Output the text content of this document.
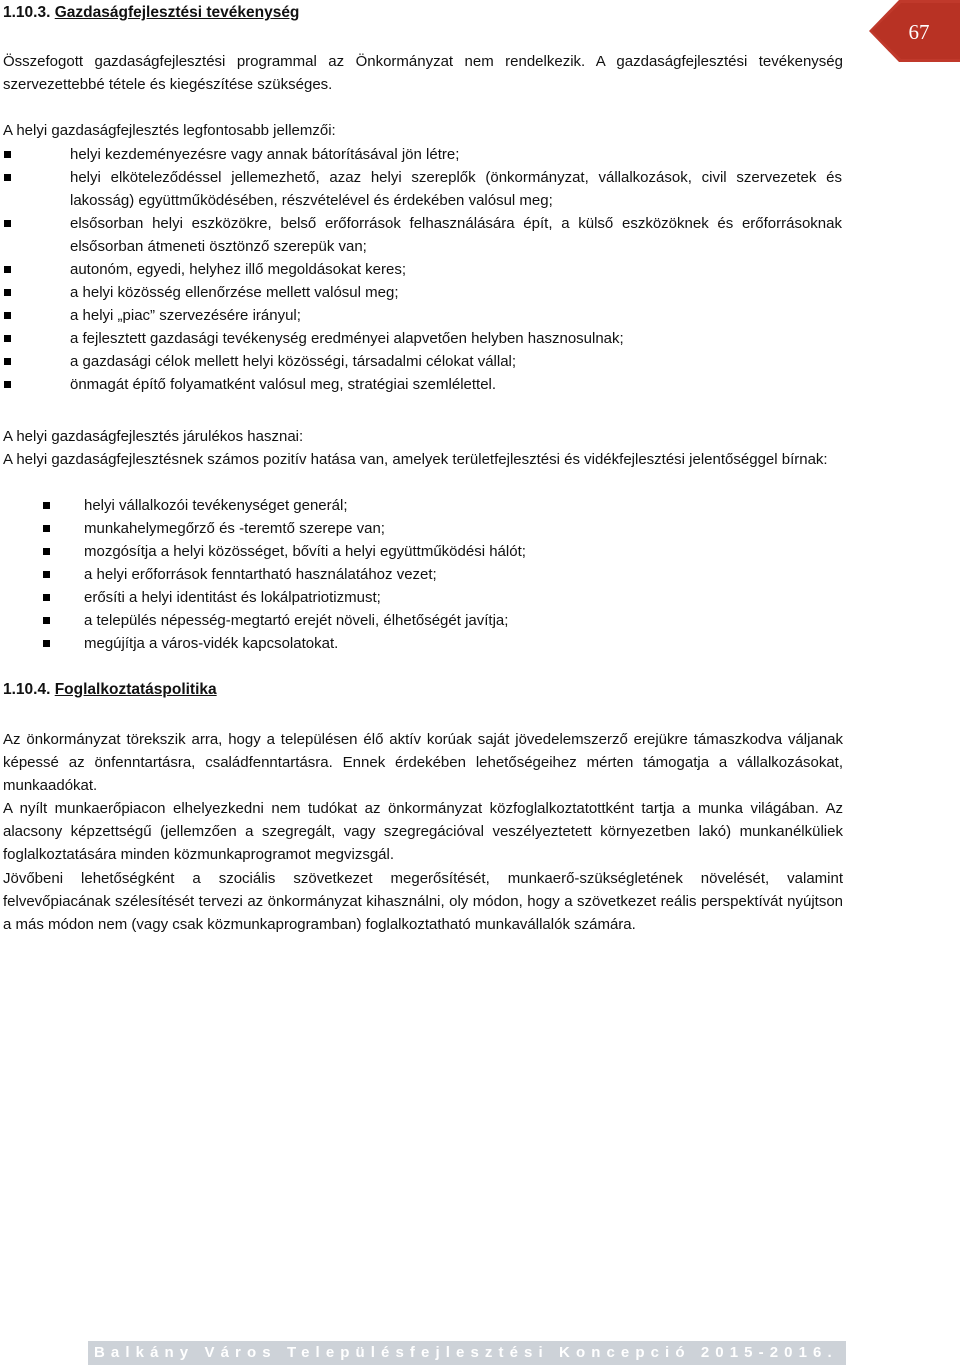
67
1.10.3. Gazdaságfejlesztési tevékenység

Összefogott gazdaságfejlesztési programmal az Önkormányzat nem rendelkezik. A gazdaságfejlesztési tevékenység szervezettebbé tétele és kiegészítése szükséges.

A helyi gazdaságfejlesztés legfontosabb jellemzői:

helyi kezdeményezésre vagy annak bátorításával jön létre;
helyi elköteleződéssel jellemezhető, azaz helyi szereplők (önkormányzat, vállalkozások, civil szervezetek és lakosság) együttműködésében, részvételével és érdekében valósul meg;
elsősorban helyi eszközökre, belső erőforrások felhasználására épít, a külső eszközöknek és erőforrásoknak elsősorban átmeneti ösztönző szerepük van;
autonóm, egyedi, helyhez illő megoldásokat keres;
a helyi közösség ellenőrzése mellett valósul meg;
a helyi „piac” szervezésére irányul;
a fejlesztett gazdasági tevékenység eredményei alapvetően helyben hasznosulnak;
a gazdasági célok mellett helyi közösségi, társadalmi célokat vállal;
önmagát építő folyamatként valósul meg, stratégiai szemlélettel.

A helyi gazdaságfejlesztés járulékos hasznai:

A helyi gazdaságfejlesztésnek számos pozitív hatása van, amelyek területfejlesztési és vidékfejlesztési jelentőséggel bírnak:

helyi vállalkozói tevékenységet generál;
munkahelymegőrző és -teremtő szerepe van;
mozgósítja a helyi közösséget, bővíti a helyi együttműködési hálót;
a helyi erőforrások fenntartható használatához vezet;
erősíti a helyi identitást és lokálpatriotizmust;
a település népesség-megtartó erejét növeli, élhetőségét javítja;
megújítja a város-vidék kapcsolatokat.
1.10.4. Foglalkoztatáspolitika

Az önkormányzat törekszik arra, hogy a településen élő aktív korúak saját jövedelemszerző erejükre támaszkodva váljanak képessé az önfenntartásra, családfenntartásra. Ennek érdekében lehetőségeihez mérten támogatja a vállalkozásokat, munkaadókat.

A nyílt munkaerőpiacon elhelyezkedni nem tudókat az önkormányzat közfoglalkoztatottként tartja a munka világában. Az alacsony képzettségű (jellemzően a szegregált, vagy szegregációval veszélyeztetett környezetben lakó) munkanélküliek foglalkoztatására minden közmunkaprogramot megvizsgál.

Jövőbeni lehetőségként a szociális szövetkezet megerősítését, munkaerő-szükségletének növelését, valamint felvevőpiacának szélesítését tervezi az önkormányzat kihasználni, oly módon, hogy a szövetkezet reális perspektívát nyújtson a más módon nem (vagy csak közmunkaprogramban) foglalkoztatható munkavállalók számára.

Balkány Város Településfejlesztési Koncepció 2015-2016.
